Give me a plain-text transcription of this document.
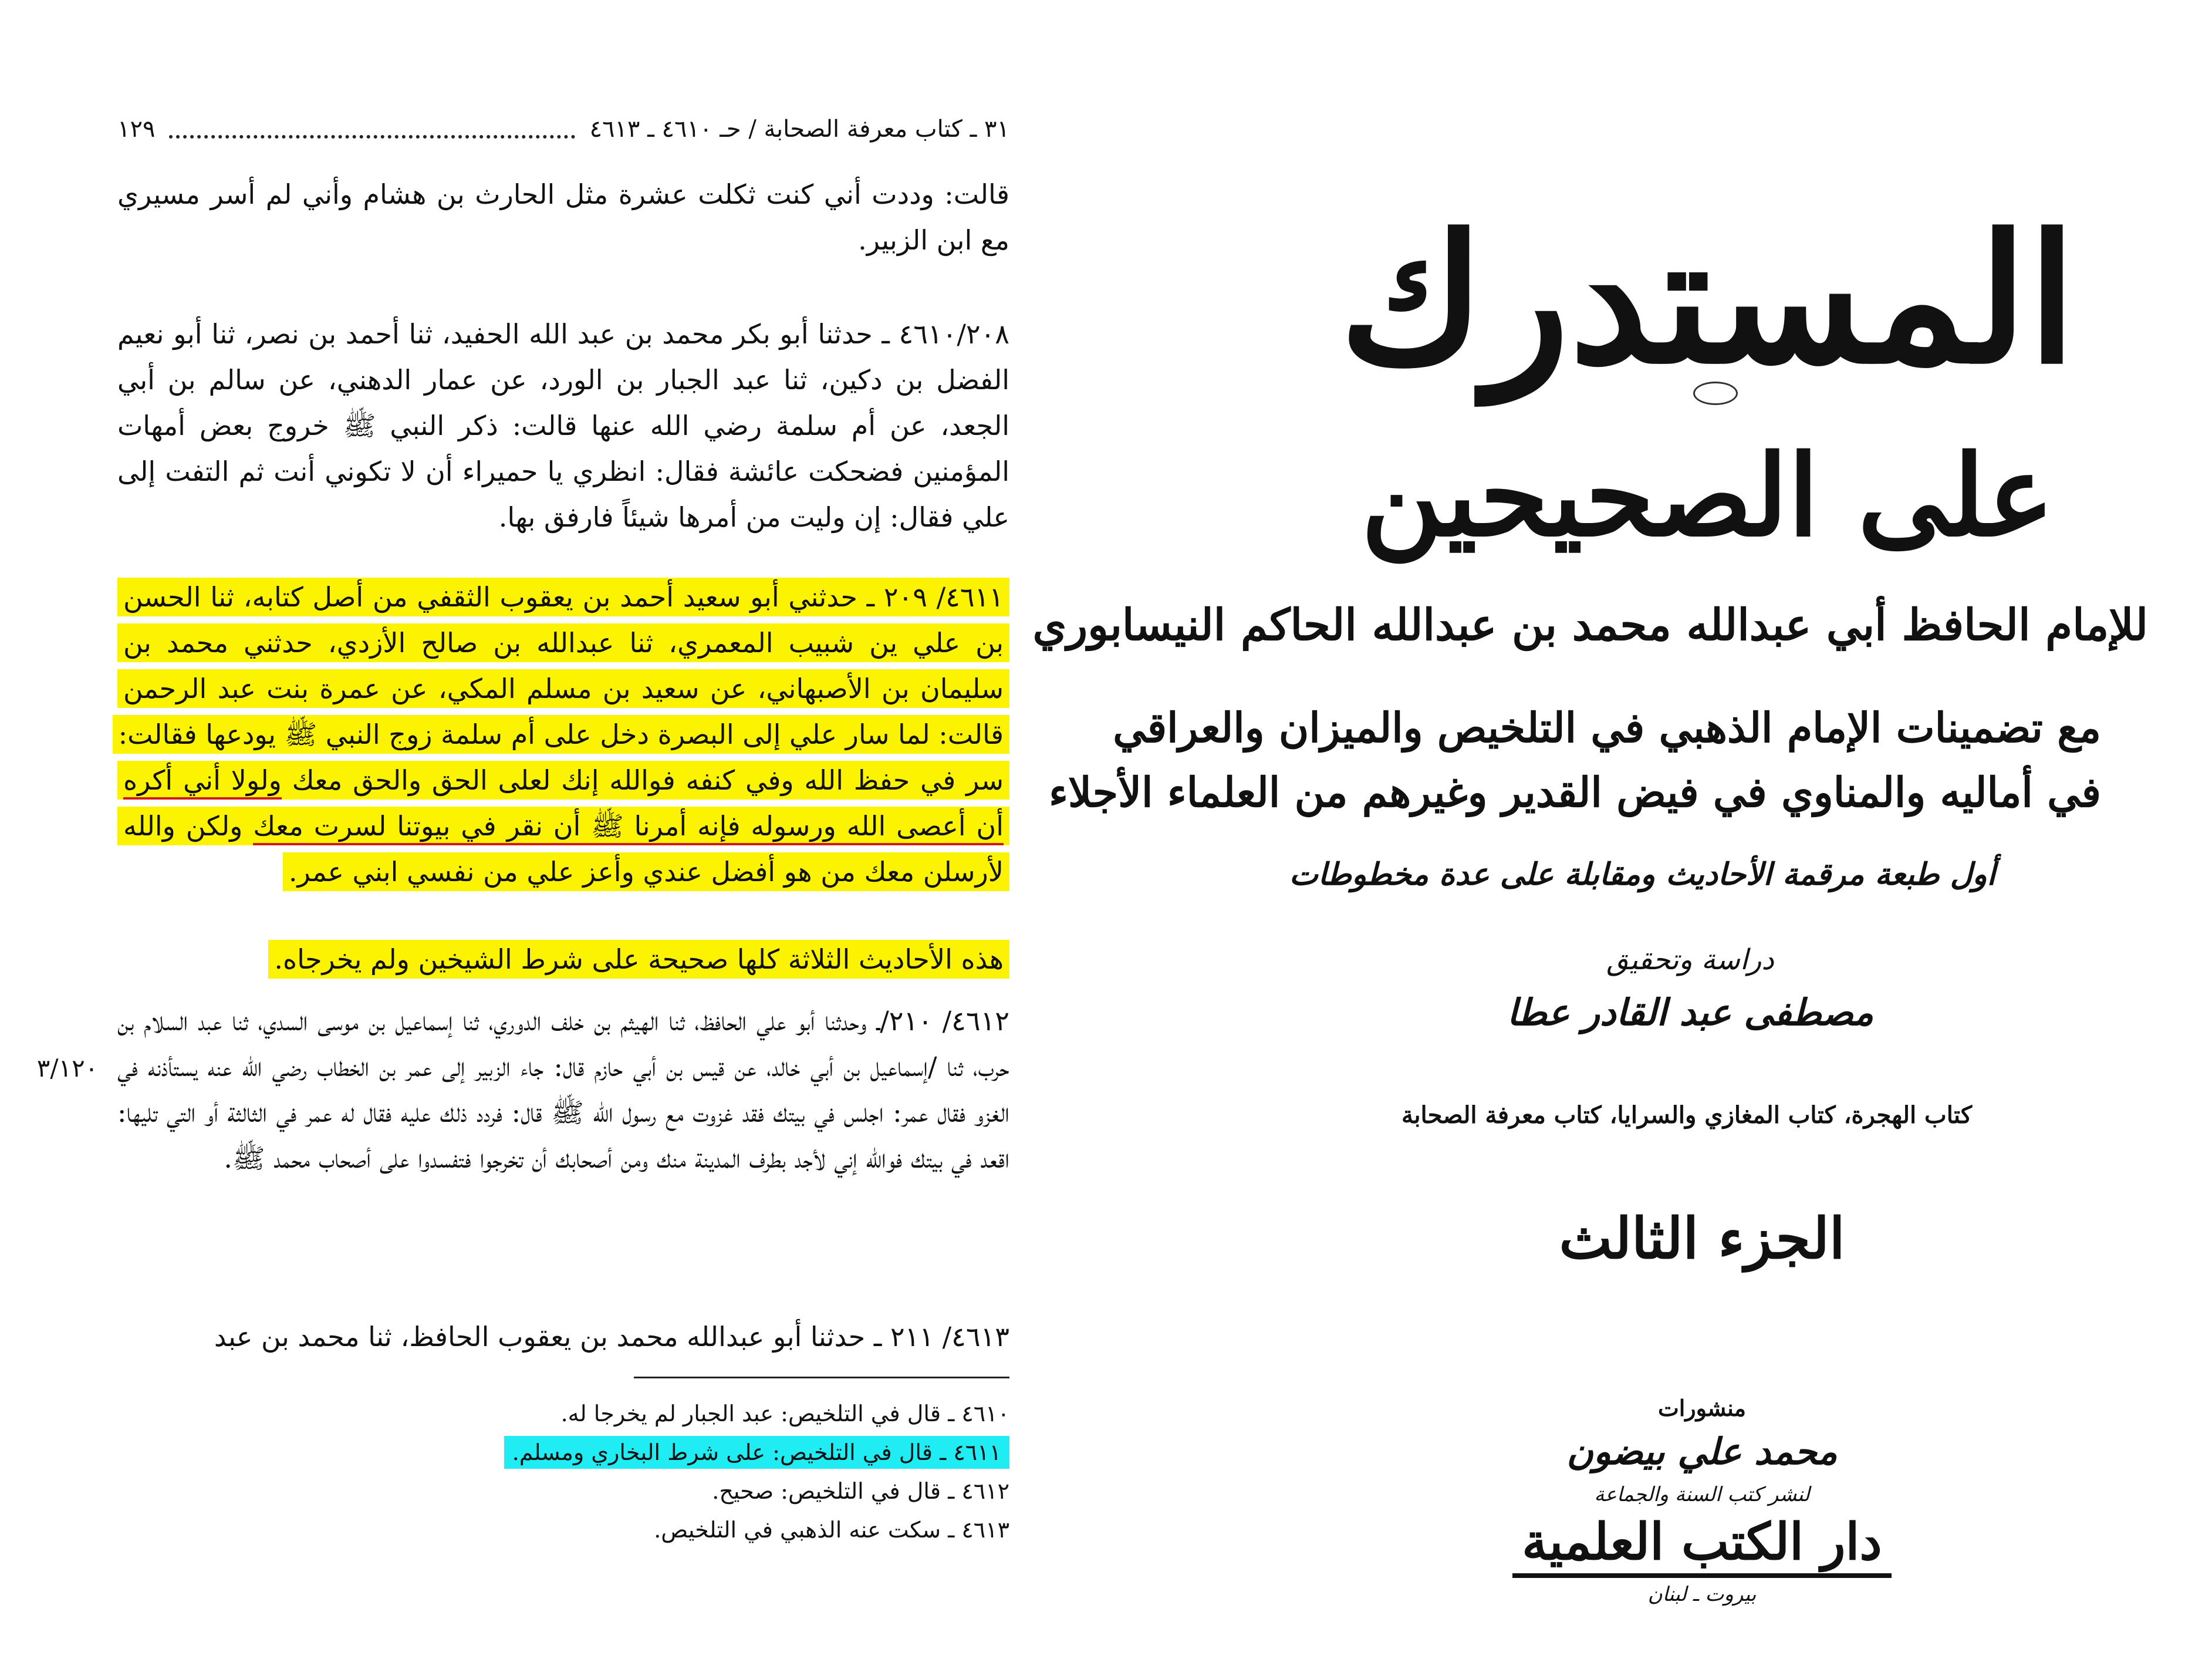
٣١ ـ كتاب معرفة الصحابة / حـ ٤٦١٠ ـ ٤٦١٣
١٢٩

قالت: وددت أني كنت ثكلت عشرة مثل الحارث بن هشام وأني لم أسر مسيري مع ابن الزبير.

٤٦١٠/٢٠٨ ـ حدثنا أبو بكر محمد بن عبد الله الحفيد، ثنا أحمد بن نصر، ثنا أبو نعيم الفضل بن دكين، ثنا عبد الجبار بن الورد، عن عمار الدهني، عن سالم بن أبي الجعد، عن أم سلمة رضي الله عنها قالت: ذكر النبي ﷺ خروج بعض أمهات المؤمنين فضحكت عائشة فقال: انظري يا حميراء أن لا تكوني أنت ثم التفت إلى علي فقال: إن وليت من أمرها شيئاً فارفق بها.

٤٦١١/ ٢٠٩ ـ حدثني أبو سعيد أحمد بن يعقوب الثقفي من أصل كتابه، ثنا الحسن بن علي ين شبيب المعمري، ثنا عبدالله بن صالح الأزدي، حدثني محمد بن سليمان بن الأصبهاني، عن سعيد بن مسلم المكي، عن عمرة بنت عبد الرحمن قالت: لما سار علي إلى البصرة دخل على أم سلمة زوج النبي ﷺ يودعها فقالت: سر في حفظ الله وفي كنفه فوالله إنك لعلى الحق والحق معك ولولا أني أكره أن أعصى الله ورسوله فإنه أمرنا ﷺ أن نقر في بيوتنا لسرت معك ولكن والله لأرسلن معك من هو أفضل عندي وأعز علي من نفسي ابني عمر.

هذه الأحاديث الثلاثة كلها صحيحة على شرط الشيخين ولم يخرجاه.

٤٦١٢/ ٢١٠/ـ وحدثنا أبو علي الحافظ، ثنا الهيثم بن خلف الدوري، ثنا إسماعيل بن موسى السدي، ثنا عبد السلام بن حرب، ثنا /إسماعيل بن أبي خالد، عن قيس بن أبي حازم قال: جاء الزبير إلى عمر بن الخطاب رضي الله عنه يستأذنه في الغزو فقال عمر: اجلس في بيتك فقد غزوت مع رسول الله ﷺ قال: فردد ذلك عليه فقال له عمر في الثالثة أو التي تليها: اقعد في بيتك فوالله إني لأجد بطرف المدينة منك ومن أصحابك أن تخرجوا فتفسدوا على أصحاب محمد ﷺ.

٣/١٢٠

٤٦١٣/ ٢١١ ـ حدثنا أبو عبدالله محمد بن يعقوب الحافظ، ثنا محمد بن عبد

٤٦١٠ ـ قال في التلخيص: عبد الجبار لم يخرجا له.
٤٦١١ ـ قال في التلخيص: على شرط البخاري ومسلم.
٤٦١٢ ـ قال في التلخيص: صحيح.
٤٦١٣ ـ سكت عنه الذهبي في التلخيص.
المستدرك
على الصحيحين
للإمام الحافظ أبي عبدالله محمد بن عبدالله الحاكم النيسابوري
مع تضمينات الإمام الذهبي في التلخيص والميزان والعراقي
في أماليه والمناوي في فيض القدير وغيرهم من العلماء الأجلاء
أول طبعة مرقمة الأحاديث ومقابلة على عدة مخطوطات
دراسة وتحقيق
مصطفى عبد القادر عطا
كتاب الهجرة، كتاب المغازي والسرايا، كتاب معرفة الصحابة
الجزء الثالث
منشورات
محمد علي بيضون
لنشر كتب السنة والجماعة
دار الكتب العلمية
بيروت ـ لبنان
